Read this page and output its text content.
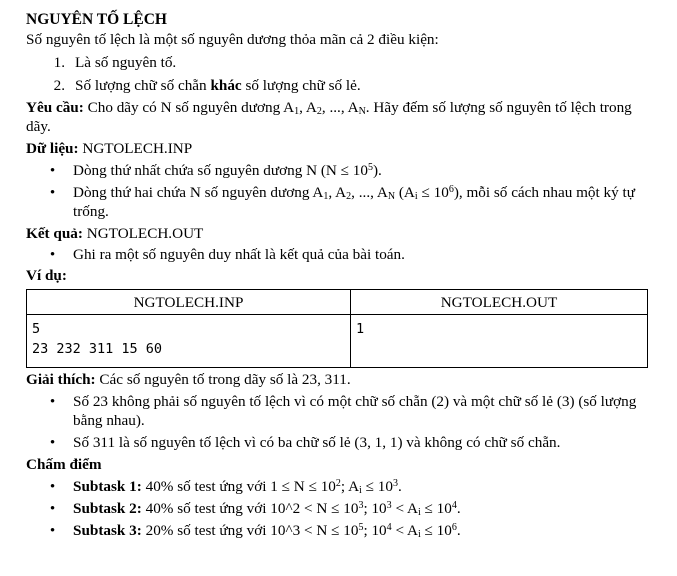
NGUYÊN TỐ LỆCH

Số nguyên tố lệch là một số nguyên dương thỏa mãn cả 2 điều kiện:

1. Là số nguyên tố.
2. Số lượng chữ số chẵn khác số lượng chữ số lẻ.

Yêu cầu: Cho dãy có N số nguyên dương $A_1$, $A_2$, ..., $A_N$. Hãy đếm số lượng số nguyên tố lệch trong dãy.

Dữ liệu: NGTOLECH.INP

•	Dòng thứ nhất chứa số nguyên dương N $(N \le 10^5)$.
•	Dòng thứ hai chứa N số nguyên dương $A_1$, $A_2$, ..., $A_N$ $(A_i \le 10^6)$, mỗi số cách nhau một ký tự trống.

Kết quả: NGTOLECH.OUT

•	Ghi ra một số nguyên duy nhất là kết quả của bài toán.

Ví dụ:

NGTOLECH.INP	NGTOLECH.OUT

5
23 232 311 15 60	1

Giải thích: Các số nguyên tố trong dãy số là 23, 311.

•	Số 23 không phải số nguyên tố lệch vì có một chữ số chẵn (2) và một chữ số lẻ (3) (số lượng bằng nhau).
•	Số 311 là số nguyên tố lệch vì có ba chữ số lẻ (3, 1, 1) và không có chữ số chẵn.

Chấm điểm

•	Subtask 1: 40% số test ứng với $1 \le N \le 10^2$; $A_i \le 10^3$.
•	Subtask 2: 40% số test ứng với 10^2 < $N \le 10^3$; $10^3 < A_i \le 10^4$.
•	Subtask 3: 20% số test ứng với 10^3 < $N \le 10^5$; $10^4 < A_i \le 10^6$.
